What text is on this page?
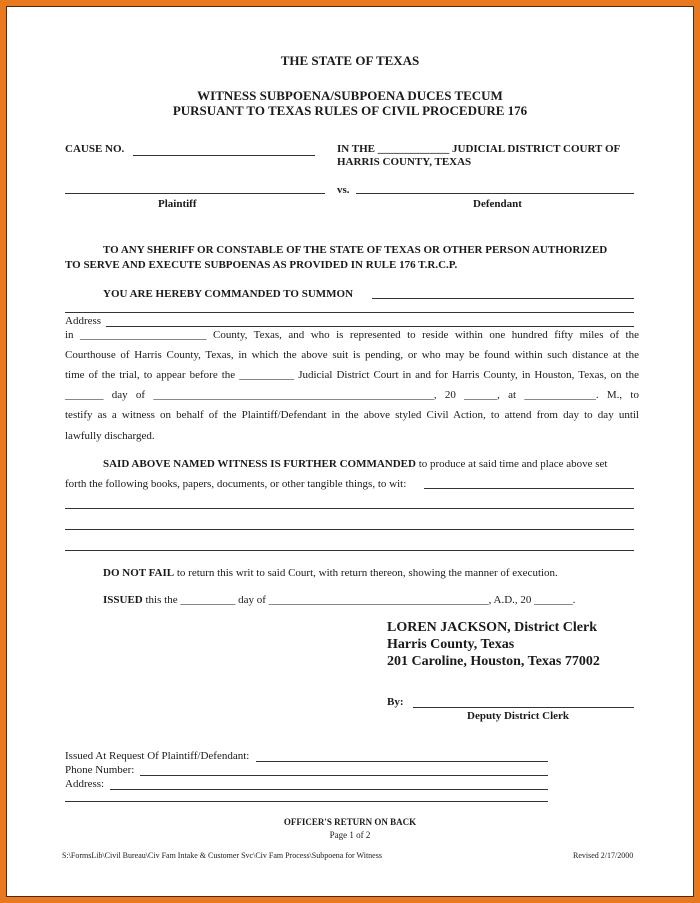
THE STATE OF TEXAS
WITNESS SUBPOENA/SUBPOENA DUCES TECUM
PURSUANT TO TEXAS RULES OF CIVIL PROCEDURE 176
CAUSE NO.	IN THE _____________ JUDICIAL DISTRICT COURT OF
HARRIS COUNTY, TEXAS
vs.
Plaintiff	Defendant
TO ANY SHERIFF OR CONSTABLE OF THE STATE OF TEXAS OR OTHER PERSON AUTHORIZED
TO SERVE AND EXECUTE SUBPOENAS AS PROVIDED IN RULE 176 T.R.C.P.
YOU ARE HEREBY COMMANDED TO SUMMON
Address
in _______________________ County, Texas, and who is represented to reside within one hundred fifty miles of the
Courthouse of Harris County, Texas, in which the above suit is pending, or who may be found within such distance at the
time of the trial, to appear before the __________ Judicial District Court in and for Harris County, in Houston, Texas, on the
_______ day of ___________________________________________________, 20 ______, at _____________. M., to
testify as a witness on behalf of the Plaintiff/Defendant in the above styled Civil Action, to attend from day to day until
lawfully discharged.
SAID ABOVE NAMED WITNESS IS FURTHER COMMANDED to produce at said time and place above set
forth the following books, papers, documents, or other tangible things, to wit:
DO NOT FAIL to return this writ to said Court, with return thereon, showing the manner of execution.
ISSUED this the __________ day of ________________________________________, A.D., 20 _______.
LOREN JACKSON, District Clerk
Harris County, Texas
201 Caroline, Houston, Texas 77002
By:
Deputy District Clerk
Issued At Request Of Plaintiff/Defendant:
Phone Number:
Address:
OFFICER'S RETURN ON BACK
Page 1 of 2
S:\FormsLib\Civil Bureau\Civ Fam Intake & Customer Svc\Civ Fam Process\Subpoena for Witness	Revised 2/17/2000
